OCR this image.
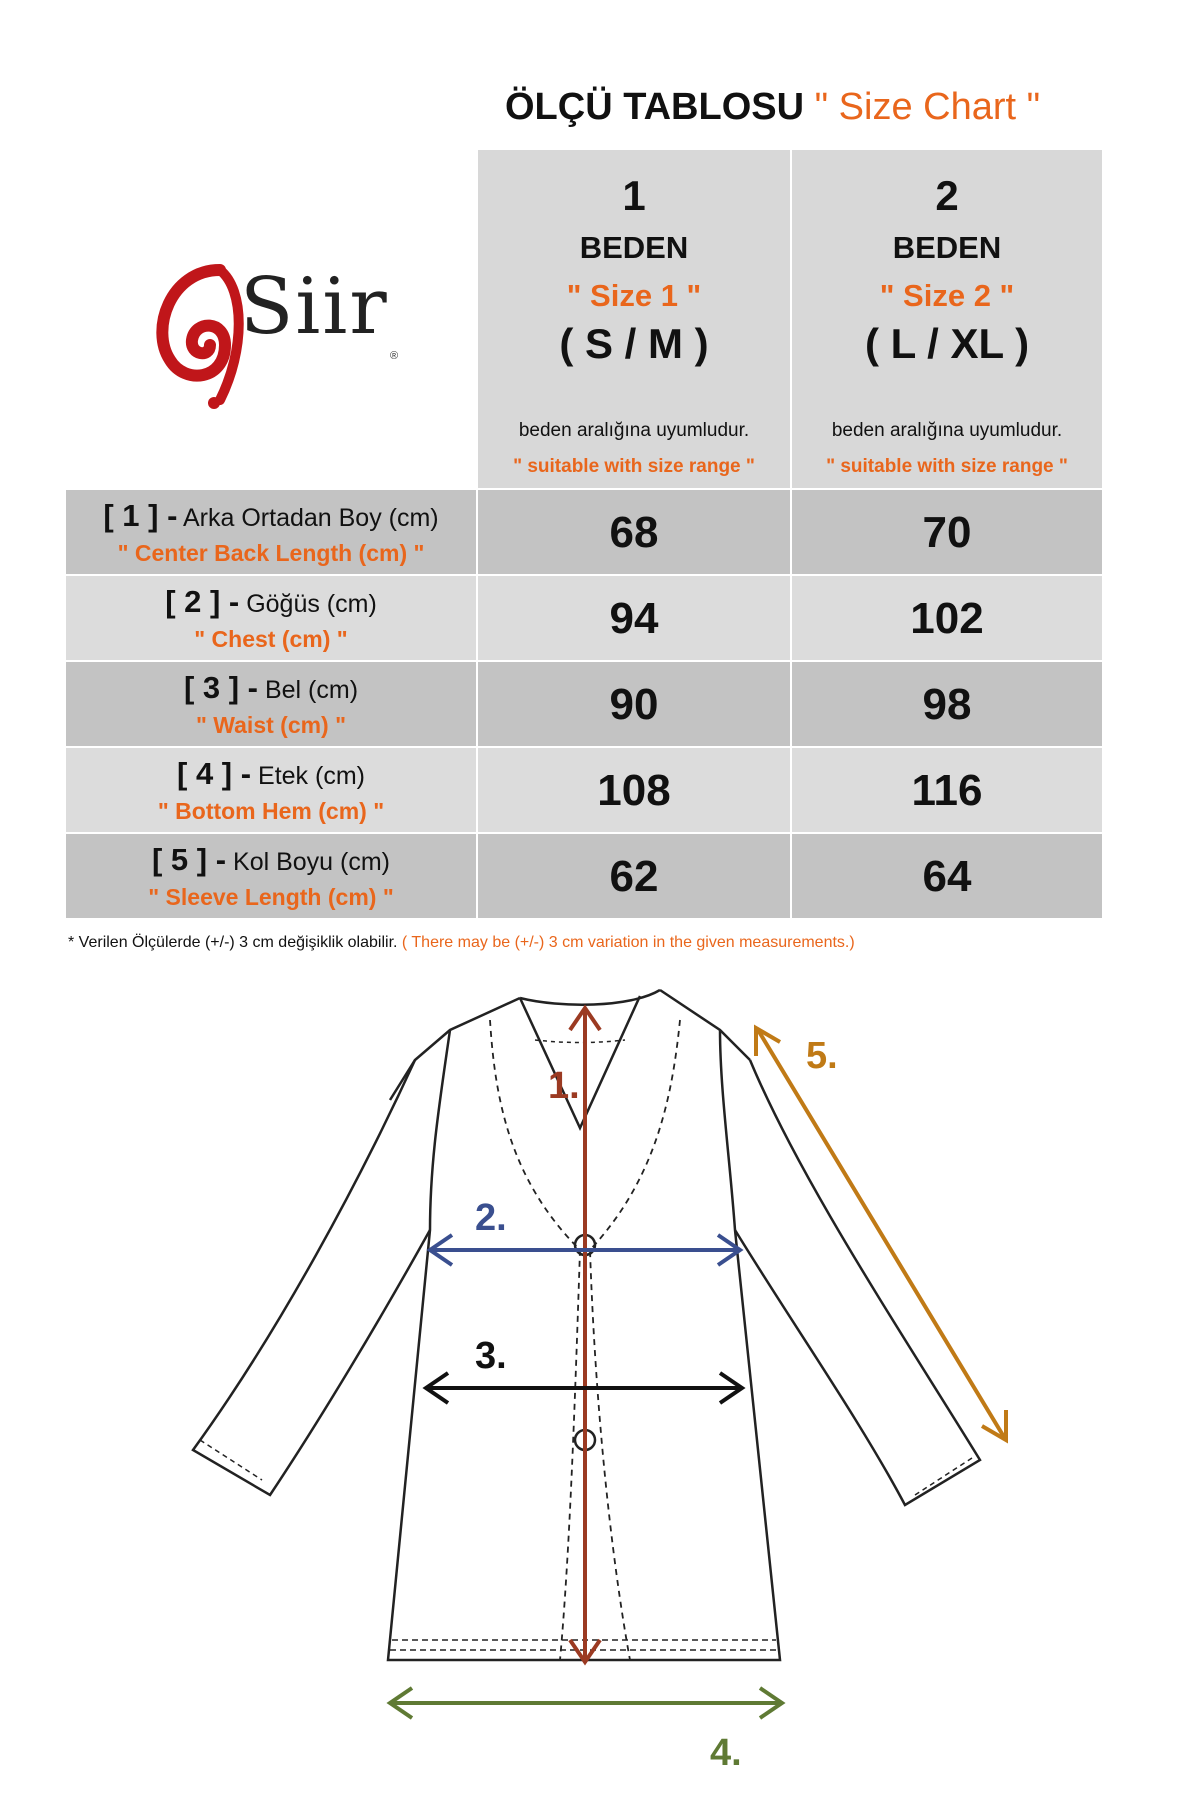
ÖLÇÜ TABLOSU " Size Chart "
Siir
®
1
BEDEN
" Size 1 "
( S / M )
beden aralığına uyumludur.
" suitable with size range "
2
BEDEN
" Size 2 "
( L / XL )
beden aralığına uyumludur.
" suitable with size range "
[ 1 ] - Arka Ortadan Boy (cm)
" Center Back Length (cm) "	68	70
[ 2 ] - Göğüs (cm)
" Chest (cm) "	94	102
[ 3 ] - Bel (cm)
" Waist (cm) "	90	98
[ 4 ] - Etek (cm)
" Bottom Hem (cm) "	108	116
[ 5 ] - Kol Boyu (cm)
" Sleeve Length (cm) "	62	64
* Verilen Ölçülerde (+/-) 3 cm değişiklik olabilir. ( There may be (+/-) 3 cm variation in the given measurements.)
1.
2.
3.
4.
5.
